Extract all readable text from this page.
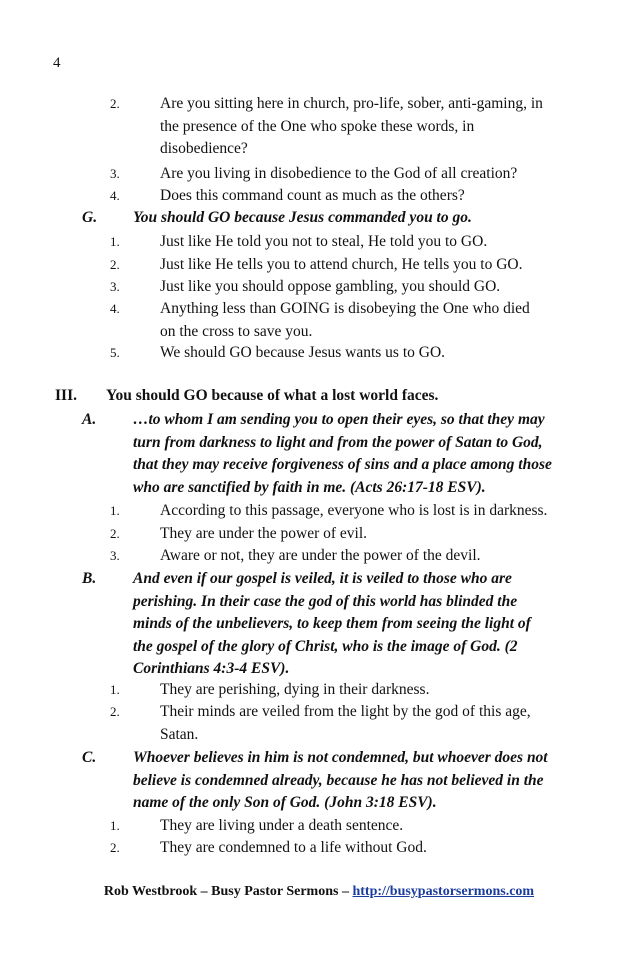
4
2.	Are you sitting here in church, pro-life, sober, anti-gaming, in
the presence of the One who spoke these words, in
disobedience?
3.	Are you living in disobedience to the God of all creation?
4.	Does this command count as much as the others?
G. You should GO because Jesus commanded you to go.
1.	Just like He told you not to steal, He told you to GO.
2.	Just like He tells you to attend church, He tells you to GO.
3.	Just like you should oppose gambling, you should GO.
4.	Anything less than GOING is disobeying the One who died
on the cross to save you.
5.	We should GO because Jesus wants us to GO.
III. You should GO because of what a lost world faces.
A. …to whom I am sending you to open their eyes, so that they may
turn from darkness to light and from the power of Satan to God,
that they may receive forgiveness of sins and a place among those
who are sanctified by faith in me. (Acts 26:17-18 ESV).
1.	According to this passage, everyone who is lost is in darkness.
2.	They are under the power of evil.
3.	Aware or not, they are under the power of the devil.
B. And even if our gospel is veiled, it is veiled to those who are
perishing. In their case the god of this world has blinded the
minds of the unbelievers, to keep them from seeing the light of
the gospel of the glory of Christ, who is the image of God. (2
Corinthians 4:3-4 ESV).
1.	They are perishing, dying in their darkness.
2.	Their minds are veiled from the light by the god of this age,
Satan.
C. Whoever believes in him is not condemned, but whoever does not
believe is condemned already, because he has not believed in the
name of the only Son of God. (John 3:18 ESV).
1.	They are living under a death sentence.
2.	They are condemned to a life without God.
Rob Westbrook – Busy Pastor Sermons – http://busypastorsermons.com
